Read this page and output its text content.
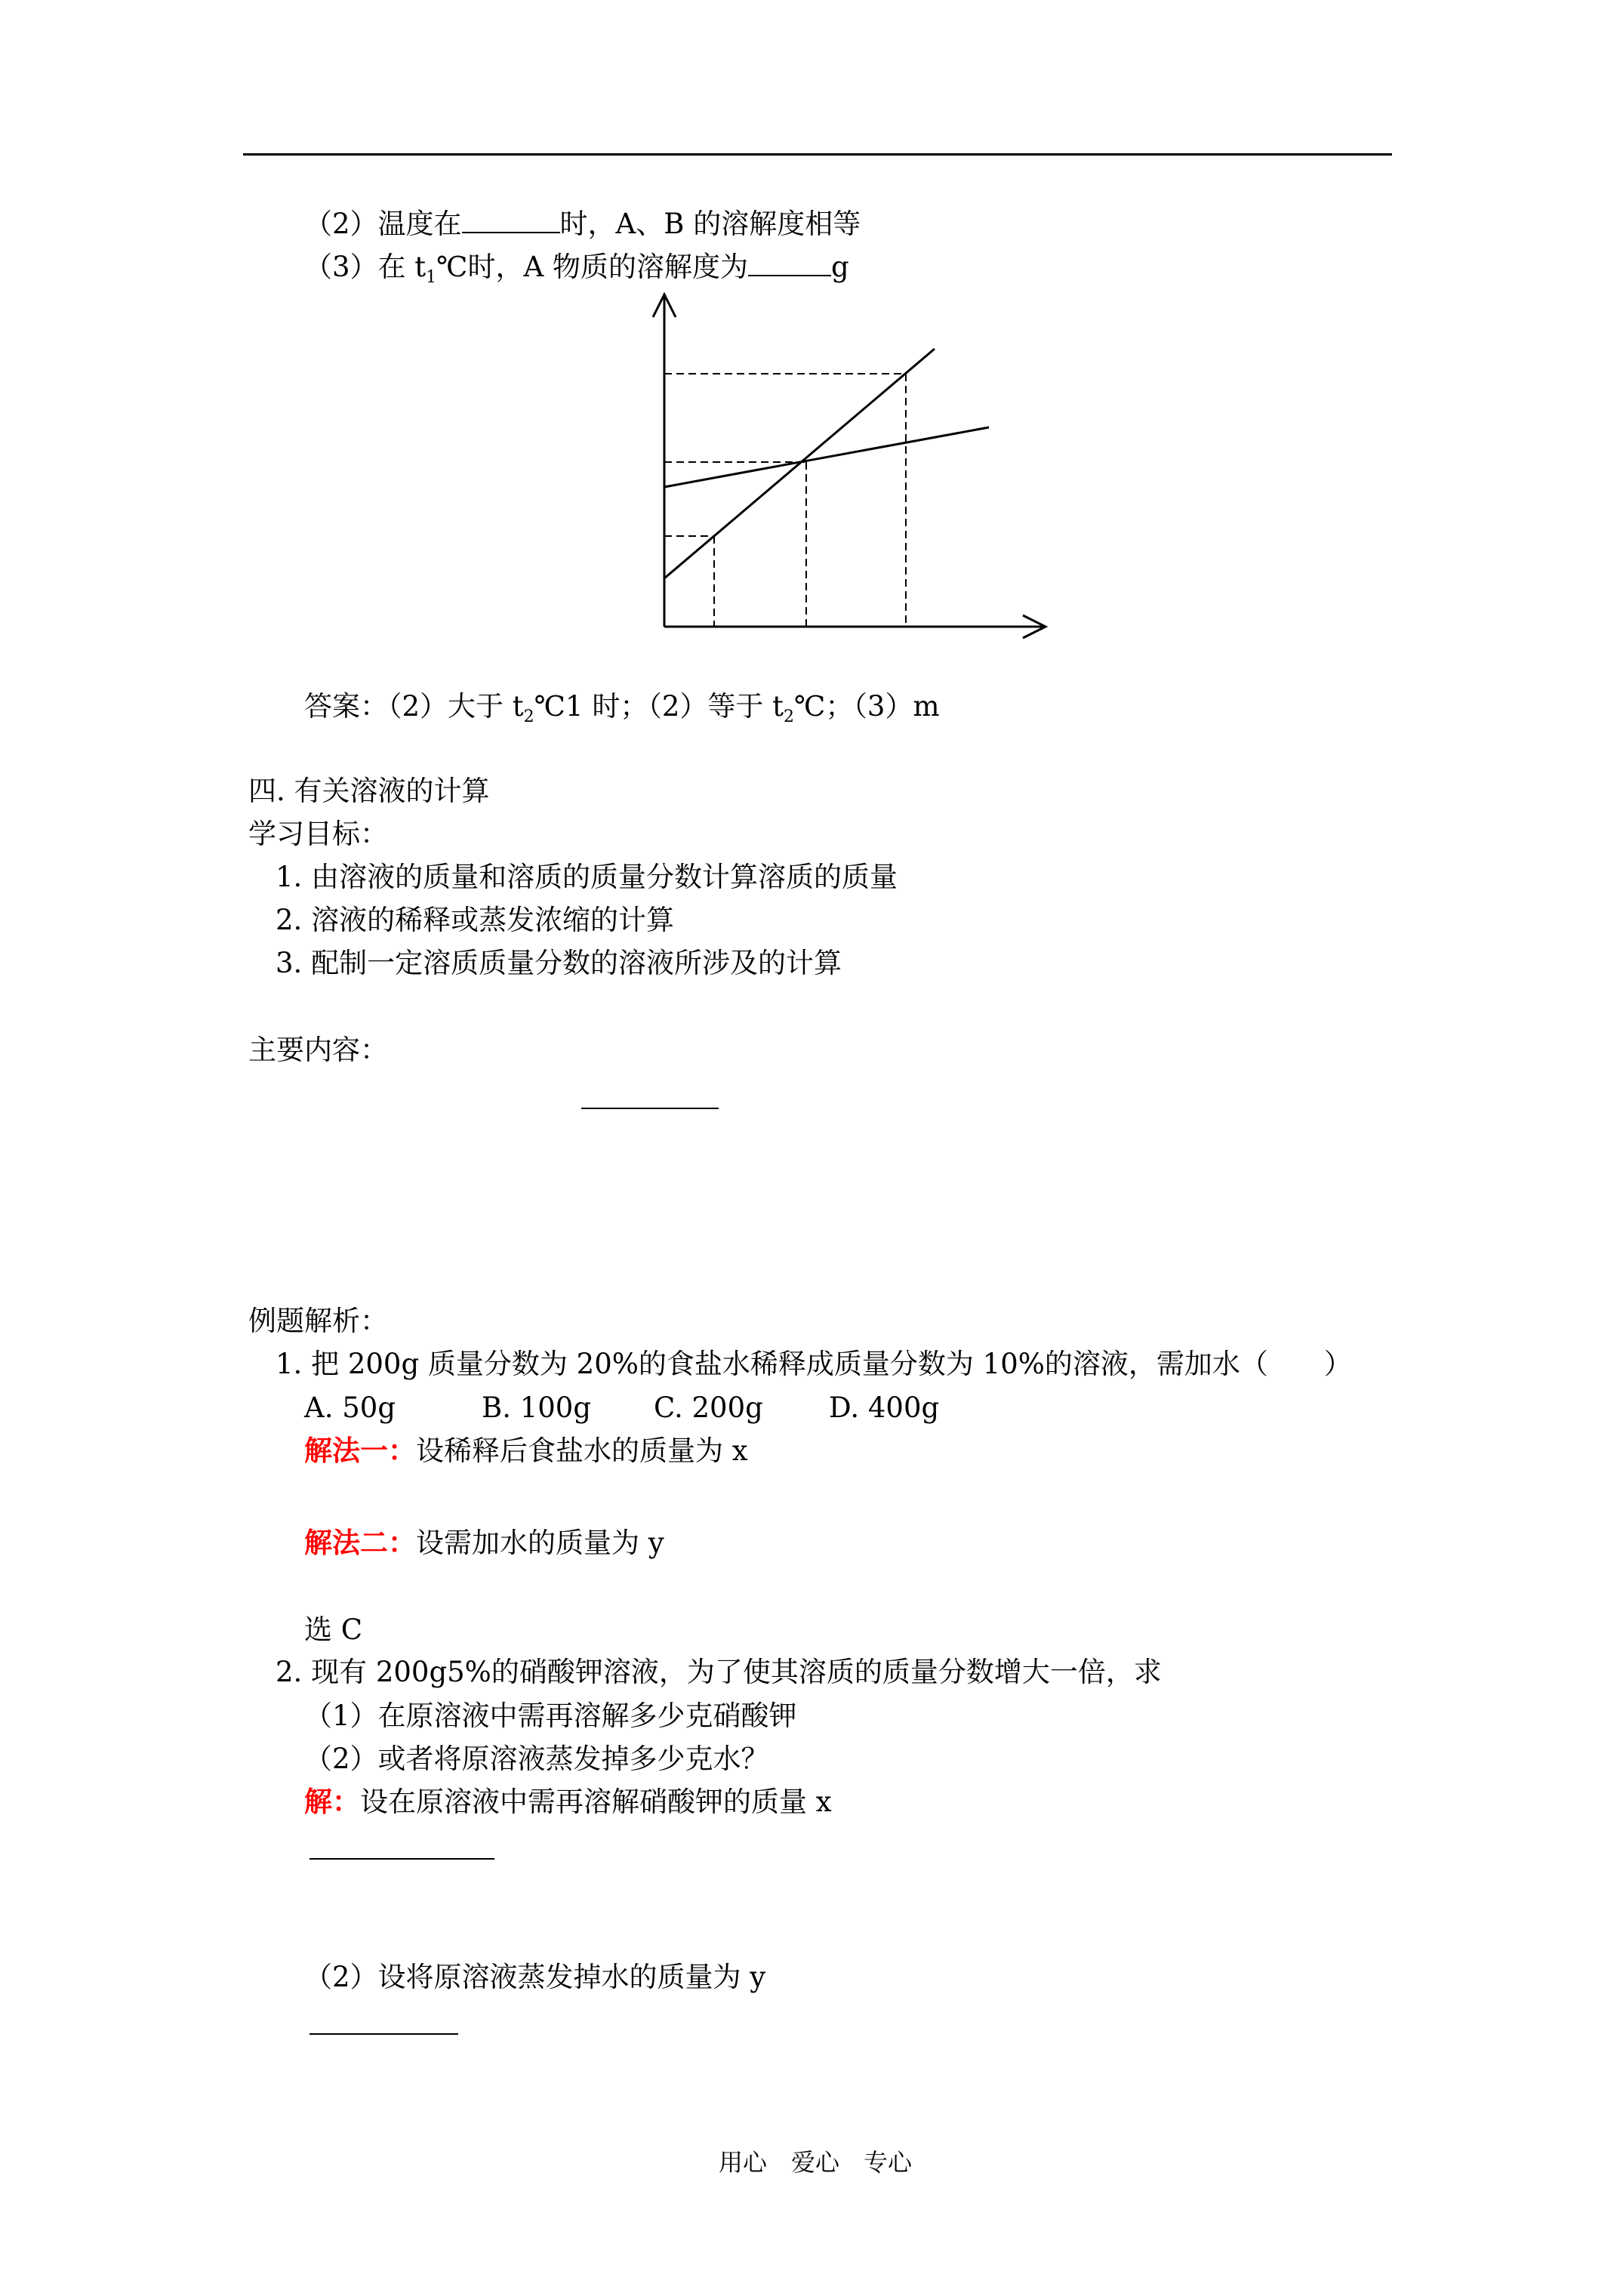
（2）温度在	时，A、B 的溶解度相等
（3）在 $t_1℃$时，A 物质的溶解度为	g
答案：（2）大于 $t_2℃1$ 时；（2）等于 $t_2℃$；（3）m
四. 有关溶液的计算
学习目标：
1. 由溶液的质量和溶质的质量分数计算溶质的质量
2. 溶液的稀释或蒸发浓缩的计算
3. 配制一定溶质质量分数的溶液所涉及的计算
主要内容：
例题解析：
1. 把 200g 质量分数为 20%的食盐水稀释成质量分数为 10%的溶液，需加水（　　）
A. 50g	B. 100g C. 200g D. 400g
解法一：设稀释后食盐水的质量为 x
解法二：设需加水的质量为 y
选 C
2. 现有 200g5%的硝酸钾溶液，为了使其溶质的质量分数增大一倍，求
（1）在原溶液中需再溶解多少克硝酸钾
（2）或者将原溶液蒸发掉多少克水？
解：设在原溶液中需再溶解硝酸钾的质量 x
（2）设将原溶液蒸发掉水的质量为 y
用心　爱心　专心
